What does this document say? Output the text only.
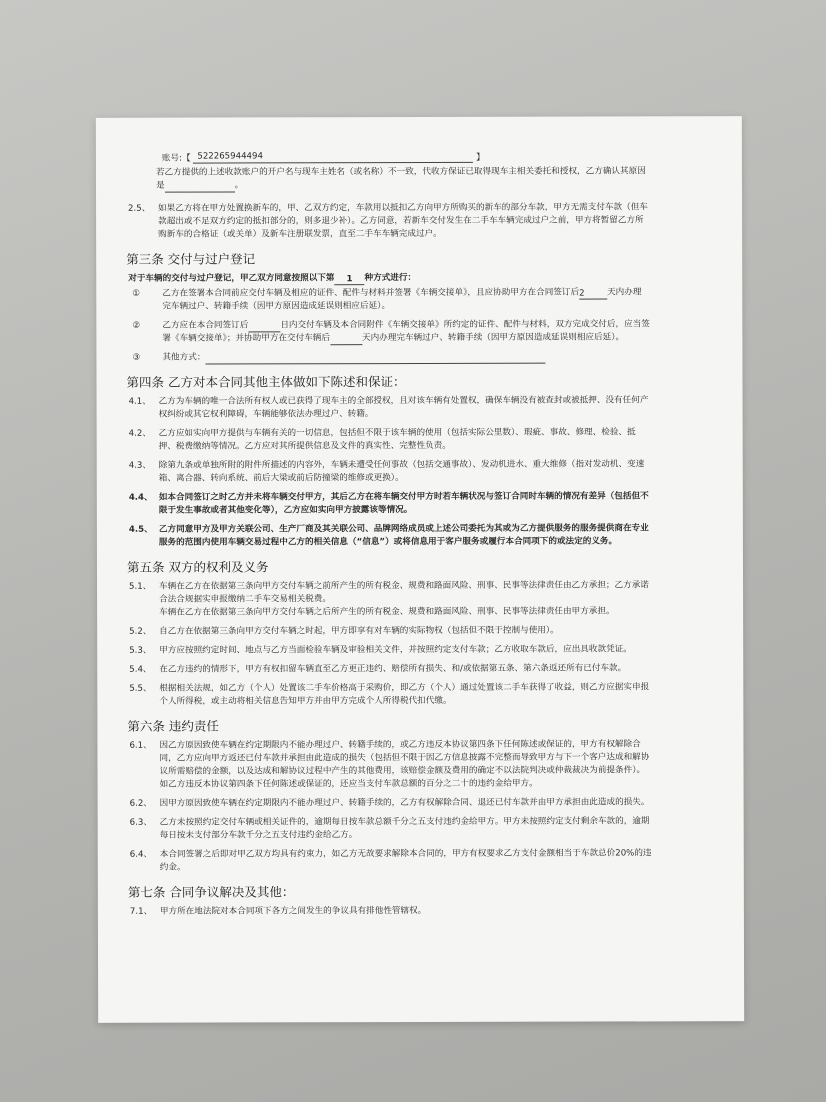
账号:【 522265944494	】

若乙方提供的上述收款账户的开户名与现车主姓名（或名称）不一致，代收方保证已取得现车主相关委托和授权，乙方确认其原因

是	。

2.5、 如果乙方将在甲方处置换新车的，甲、乙双方约定，车款用以抵扣乙方向甲方所购买的新车的部分车款，甲方无需支付车款（但车

款超出或不足双方约定的抵扣部分的，则多退少补）。乙方同意，若新车交付发生在二手车车辆完成过户之前，甲方将暂留乙方所

购新车的合格证（或关单）及新车注册联发票，直至二手车车辆完成过户。

第三条 交付与过户登记

对于车辆的交付与过户登记，甲乙双方同意按照以下第 1 种方式进行：

①	乙方在签署本合同前应交付车辆及相应的证件、配件与材料并签署《车辆交接单》，且应协助甲方在合同签订后2	天内办理

完车辆过户、转籍手续（因甲方原因造成延误则相应后延）。

②	乙方应在本合同签订后	日内交付车辆及本合同附件《车辆交接单》所约定的证件、配件与材料，双方完成交付后，应当签

署《车辆交接单》；并协助甲方在交付车辆后	天内办理完车辆过户、转籍手续（因甲方原因造成延误则相应后延）。

③	其他方式：

第四条 乙方对本合同其他主体做如下陈述和保证：
4.1、 乙方为车辆的唯一合法所有权人或已获得了现车主的全部授权，且对该车辆有处置权，确保车辆没有被查封或被抵押、没有任何产

权纠纷或其它权利障碍，车辆能够依法办理过户、转籍。

4.2、 乙方应如实向甲方提供与车辆有关的一切信息，包括但不限于该车辆的使用（包括实际公里数）、瑕疵、事故、修理、检验、抵

押、税费缴纳等情况。乙方应对其所提供信息及文件的真实性、完整性负责。

4.3、 除第九条或单独所附的附件所描述的内容外，车辆未遭受任何事故（包括交通事故）、发动机进水、重大维修（指对发动机、变速

箱、离合器、转向系统、前后大梁或前后防撞梁的维修或更换）。

4.4、 如本合同签订之时乙方并未将车辆交付甲方，其后乙方在将车辆交付甲方时若车辆状况与签订合同时车辆的情况有差异（包括但不

限于发生事故或者其他变化等），乙方应如实向甲方披露该等情况。

4.5、 乙方同意甲方及甲方关联公司、生产厂商及其关联公司、品牌网络成员或上述公司委托为其或为乙方提供服务的服务提供商在专业

服务的范围内使用车辆交易过程中乙方的相关信息（“信息”）或将信息用于客户服务或履行本合同项下的或法定的义务。

第五条 双方的权利及义务
5.1、 车辆在乙方在依据第三条向甲方交付车辆之前所产生的所有税金、规费和路面风险、刑事、民事等法律责任由乙方承担；乙方承诺

合法合规据实申报缴纳二手车交易相关税费。

车辆在乙方在依据第三条向甲方交付车辆之后所产生的所有税金、规费和路面风险、刑事、民事等法律责任由甲方承担。

5.2、 自乙方在依据第三条向甲方交付车辆之时起，甲方即享有对车辆的实际物权（包括但不限于控制与使用）。

5.3、 甲方应按照约定时间、地点与乙方当面检验车辆及审验相关文件，并按照约定支付车款；乙方收取车款后，应出具收款凭证。

5.4、 在乙方违约的情形下，甲方有权扣留车辆直至乙方更正违约、赔偿所有损失、和/或依据第五条、第六条返还所有已付车款。

5.5、 根据相关法规，如乙方（个人）处置该二手车价格高于采购价，即乙方（个人）通过处置该二手车获得了收益，则乙方应据实申报

个人所得税，或主动将相关信息告知甲方并由甲方完成个人所得税代扣代缴。

第六条 违约责任
6.1、 因乙方原因致使车辆在约定期限内不能办理过户、转籍手续的，或乙方违反本协议第四条下任何陈述或保证的，甲方有权解除合

同，乙方应向甲方返还已付车款并承担由此造成的损失（包括但不限于因乙方信息披露不完整而导致甲方与下一个客户达成和解协

议所需赔偿的金额，以及达成和解协议过程中产生的其他费用，该赔偿金额及费用的确定不以法院判决或仲裁裁决为前提条件）。

如乙方违反本协议第四条下任何陈述或保证的，还应当支付车款总额的百分之二十的违约金给甲方。

6.2、 因甲方原因致使车辆在约定期限内不能办理过户、转籍手续的，乙方有权解除合同、退还已付车款并由甲方承担由此造成的损失。

6.3、 乙方未按照约定交付车辆或相关证件的，逾期每日按车款总额千分之五支付违约金给甲方。甲方未按照约定支付剩余车款的，逾期

每日按未支付部分车款千分之五支付违约金给乙方。

6.4、 本合同签署之后即对甲乙双方均具有约束力，如乙方无故要求解除本合同的，甲方有权要求乙方支付金额相当于车款总价20%的违

约金。

第七条 合同争议解决及其他：
7.1、 甲方所在地法院对本合同项下各方之间发生的争议具有排他性管辖权。
